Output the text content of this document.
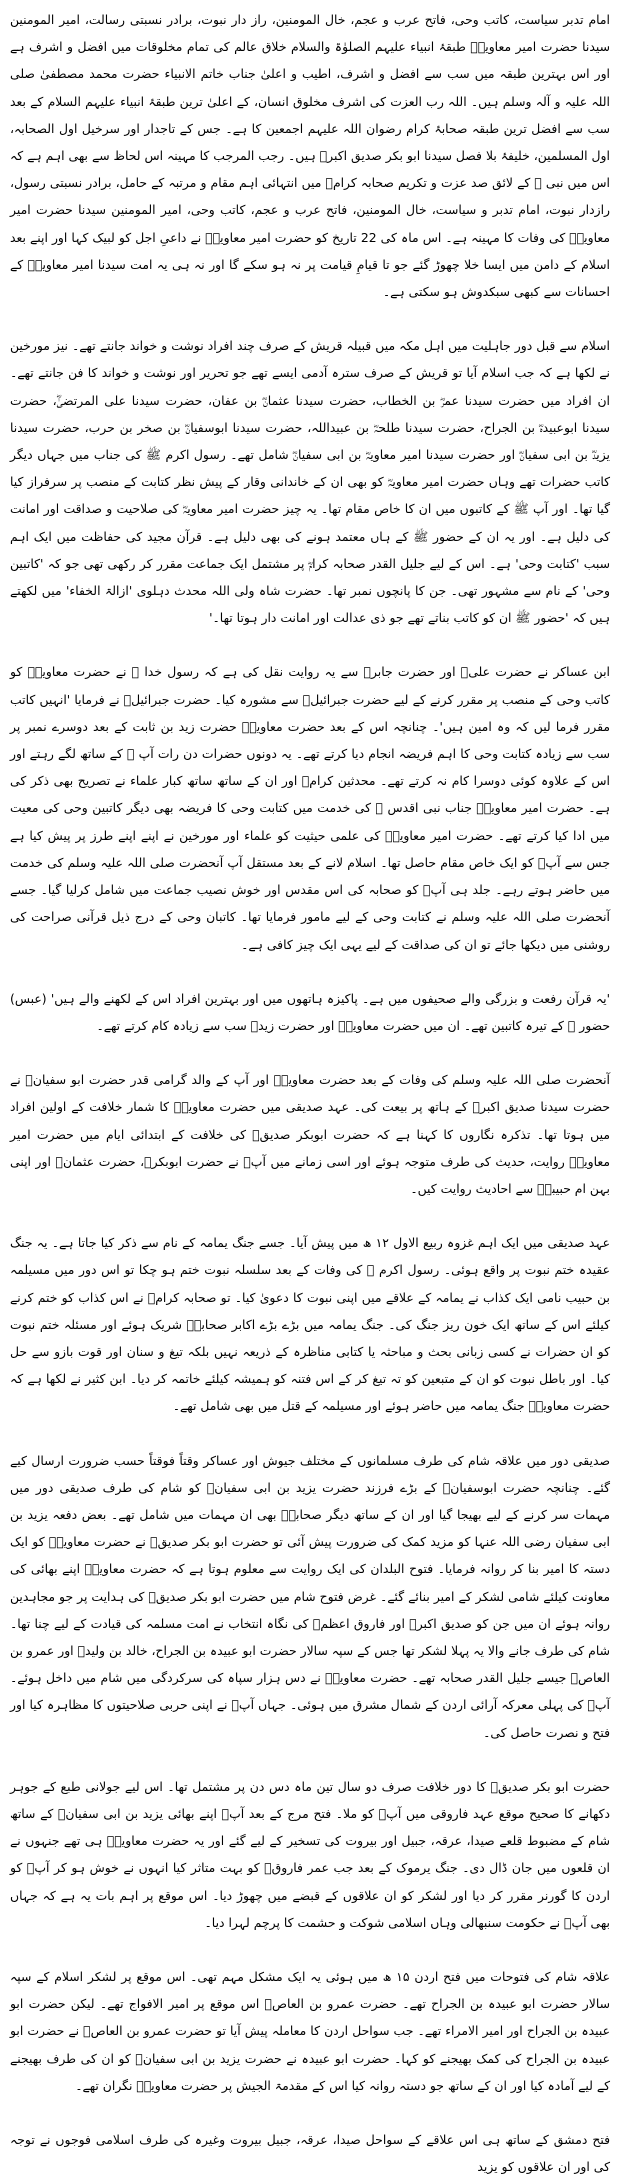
امام تدبر سیاست، کاتب وحی، فاتح عرب و عجم، خال المومنین، راز دار نبوت، برادر نسبتی رسالت، امیر المومنین سیدنا حضرت امیر معاویہؓ طبقۂ انبیاء علیہم الصلوٰۃ والسلام خلاق عالم کی تمام مخلوقات میں افضل و اشرف ہے اور اس بہترین طبقہ میں سب سے افضل و اشرف، اطیب و اعلیٰ جناب خاتم الانبیاء حضرت محمد مصطفیٰ صلی اللہ علیہ و آلہ وسلم ہیں۔ اللہ رب العزت کی اشرف مخلوق انسان، کے اعلیٰ ترین طبقۂ انبیاء علیہم السلام کے بعد سب سے افضل ترین طبقہ صحابۂ کرام رضوان اللہ علیہم اجمعین کا ہے۔ جس کے تاجدار اور سرخیل اول الصحابہ، اول المسلمین، خلیفۂ بلا فصل سیدنا ابو بکر صدیق اکبرؓ ہیں۔ رجب المرجب کا مہینہ اس لحاظ سے بھی اہم ہے کہ اس میں نبی ﷺ کے لائق صد عزت و تکریم صحابہ کرامؓ میں انتہائی اہم مقام و مرتبہ کے حامل، برادر نسبتی رسول، رازدار نبوت، امام تدبر و سیاست، خال المومنین، فاتح عرب و عجم، کاتب وحی، امیر المومنین سیدنا حضرت امیر معاویہؓ کی وفات کا مہینہ ہے۔ اس ماہ کی 22 تاریخ کو حضرت امیر معاویہؓ نے داعیِ اجل کو لبیک کہا اور اپنے بعد اسلام کے دامن میں ایسا خلا چھوڑ گئے جو تا قیامِ قیامت پر نہ ہو سکے گا اور نہ ہی یہ امت سیدنا امیر معاویہؓ کے احسانات سے کبھی سبکدوش ہو سکتی ہے۔

اسلام سے قبل دور جاہلیت میں اہل مکہ میں قبیلہ قریش کے صرف چند افراد نوشت و خواند جانتے تھے۔ نیز مورخین نے لکھا ہے کہ جب اسلام آیا تو قریش کے صرف سترہ آدمی ایسے تھے جو تحریر اور نوشت و خواند کا فن جانتے تھے۔ ان افراد میں حضرت سیدنا عمرؓ بن الخطاب، حضرت سیدنا عثمانؓ بن عفان، حضرت سیدنا علی المرتضیٰؓ، حضرت سیدنا ابوعبیدہؓ بن الجراح، حضرت سیدنا طلحہؓ بن عبیداللہ، حضرت سیدنا ابوسفیانؓ بن صخر بن حرب، حضرت سیدنا یزیدؓ بن ابی سفیانؓ اور حضرت سیدنا امیر معاویہؓ بن ابی سفیانؓ شامل تھے۔ رسول اکرم ﷺ کی جناب میں جہاں دیگر کاتب حضرات تھے وہاں حضرت امیر معاویہؓ کو بھی ان کے خاندانی وقار کے پیش نظر کتابت کے منصب پر سرفراز کیا گیا تھا۔ اور آپ ﷺ کے کاتبوں میں ان کا خاص مقام تھا۔ یہ چیز حضرت امیر معاویہؓ کی صلاحیت و صداقت اور امانت کی دلیل ہے۔ اور یہ ان کے حضور ﷺ کے ہاں معتمد ہونے کی بھی دلیل ہے۔ قرآن مجید کی حفاظت میں ایک اہم سبب 'کتابت وحی' ہے۔ اس کے لیے جلیل القدر صحابہ کرامؓ پر مشتمل ایک جماعت مقرر کر رکھی تھی جو کہ 'کاتبین وحی' کے نام سے مشہور تھی۔ جن کا پانچوں نمبر تھا۔ حضرت شاہ ولی اللہ محدث دہلوی 'ازالۃ الخفاء' میں لکھتے ہیں کہ 'حضور ﷺ ان کو کاتب بناتے تھے جو ذی عدالت اور امانت دار ہوتا تھا۔'

ابن عساکر نے حضرت علیؓ اور حضرت جابرؓ سے یہ روایت نقل کی ہے کہ رسول خدا ﷺ نے حضرت معاویہؓ کو کاتب وحی کے منصب پر مقرر کرنے کے لیے حضرت جبرائیلؑ سے مشورہ کیا۔ حضرت جبرائیلؑ نے فرمایا 'انہیں کاتب مقرر فرما لیں کہ وہ امین ہیں'۔ چنانچہ اس کے بعد حضرت معاویہؓ حضرت زید بن ثابت کے بعد دوسرے نمبر پر سب سے زیادہ کتابت وحی کا اہم فریضہ انجام دیا کرتے تھے۔ یہ دونوں حضرات دن رات آپ ﷺ کے ساتھ لگے رہتے اور اس کے علاوہ کوئی دوسرا کام نہ کرتے تھے۔ محدثین کرامؒ اور ان کے ساتھ ساتھ کبار علماء نے تصریح بھی ذکر کی ہے۔ حضرت امیر معاویہؓ جناب نبی اقدس ﷺ کی خدمت میں کتابت وحی کا فریضہ بھی دیگر کاتبین وحی کی معیت میں ادا کیا کرتے تھے۔ حضرت امیر معاویہؓ کی علمی حیثیت کو علماء اور مورخین نے اپنے اپنے طرز پر پیش کیا ہے جس سے آپؓ کو ایک خاص مقام حاصل تھا۔ اسلام لانے کے بعد مستقل آپ آنحضرت صلی اللہ علیہ وسلم کی خدمت میں حاضر ہوتے رہے۔ جلد ہی آپؓ کو صحابہ کی اس مقدس اور خوش نصیب جماعت میں شامل کرلیا گیا۔ جسے آنحضرت صلی اللہ علیہ وسلم نے کتابت وحی کے لیے مامور فرمایا تھا۔ کاتبان وحی کے درج ذیل قرآنی صراحت کی روشنی میں دیکھا جائے تو ان کی صداقت کے لیے یہی ایک چیز کافی ہے۔

'یہ قرآن رفعت و بزرگی والے صحیفوں میں ہے۔ پاکیزہ ہاتھوں میں اور بہترین افراد اس کے لکھنے والے ہیں' (عبس) حضور ﷺ کے تیرہ کاتبین تھے۔ ان میں حضرت معاویہؓ اور حضرت زیدؓ سب سے زیادہ کام کرتے تھے۔

آنحضرت صلی اللہ علیہ وسلم کی وفات کے بعد حضرت معاویہؓ اور آپ کے والد گرامی قدر حضرت ابو سفیانؓ نے حضرت سیدنا صدیق اکبرؓ کے ہاتھ پر بیعت کی۔ عہد صدیقی میں حضرت معاویہؓ کا شمار خلافت کے اولین افراد میں ہوتا تھا۔ تذکرہ نگاروں کا کہنا ہے کہ حضرت ابوبکر صدیقؓ کی خلافت کے ابتدائی ایام میں حضرت امیر معاویہؓ روایت، حدیث کی طرف متوجہ ہوئے اور اسی زمانے میں آپؓ نے حضرت ابوبکرؓ، حضرت عثمانؓ اور اپنی بہن ام حبیبہؓ سے احادیث روایت کیں۔

عہد صدیقی میں ایک اہم غزوہ ربیع الاول ۱۲ ھ میں پیش آیا۔ جسے جنگ یمامہ کے نام سے ذکر کیا جاتا ہے۔ یہ جنگ عقیدہ ختم نبوت پر واقع ہوئی۔ رسول اکرم ﷺ کی وفات کے بعد سلسلہ نبوت ختم ہو چکا تو اس دور میں مسیلمہ بن حبیب نامی ایک کذاب نے یمامہ کے علاقے میں اپنی نبوت کا دعویٰ کیا۔ تو صحابہ کرامؓ نے اس کذاب کو ختم کرنے کیلئے اس کے ساتھ ایک خون ریز جنگ کی۔ جنگ یمامہ میں بڑے بڑے اکابر صحابہؓ شریک ہوئے اور مسئلہ ختم نبوت کو ان حضرات نے کسی زبانی بحث و مباحثہ یا کتابی مناظرہ کے ذریعہ نہیں بلکہ تیغ و سنان اور قوت بازو سے حل کیا۔ اور باطل نبوت کو ان کے متبعین کو تہ تیغ کر کے اس فتنہ کو ہمیشہ کیلئے خاتمہ کر دیا۔ ابن کثیر نے لکھا ہے کہ حضرت معاویہؓ جنگ یمامہ میں حاضر ہوئے اور مسیلمہ کے قتل میں بھی شامل تھے۔

صدیقی دور میں علاقہ شام کی طرف مسلمانوں کے مختلف جیوش اور عساکر وقتاً فوقتاً حسب ضرورت ارسال کیے گئے۔ چنانچہ حضرت ابوسفیانؓ کے بڑے فرزند حضرت یزید بن ابی سفیانؓ کو شام کی طرف صدیقی دور میں مہمات سر کرنے کے لیے بھیجا گیا اور ان کے ساتھ دیگر صحابہؓ بھی ان مہمات میں شامل تھے۔ بعض دفعہ یزید بن ابی سفیان رضی اللہ عنہا کو مزید کمک کی ضرورت پیش آئی تو حضرت ابو بکر صدیقؓ نے حضرت معاویہؓ کو ایک دستہ کا امیر بنا کر روانہ فرمایا۔ فتوح البلدان کی ایک روایت سے معلوم ہوتا ہے کہ حضرت معاویہؓ اپنے بھائی کی معاونت کیلئے شامی لشکر کے امیر بنائے گئے۔ غرض فتوح شام میں حضرت ابو بکر صدیقؓ کی ہدایت پر جو مجاہدین روانہ ہوئے ان میں جن کو صدیق اکبرؓ اور فاروق اعظمؓ کی نگاہ انتخاب نے امت مسلمہ کی قیادت کے لیے چنا تھا۔ شام کی طرف جانے والا یہ پہلا لشکر تھا جس کے سپہ سالار حضرت ابو عبیدہ بن الجراح، خالد بن ولیدؓ اور عمرو بن العاصؓ جیسے جلیل القدر صحابہ تھے۔ حضرت معاویہؓ نے دس ہزار سپاہ کی سرکردگی میں شام میں داخل ہوئے۔ آپؓ کی پہلی معرکہ آرائی اردن کے شمال مشرق میں ہوئی۔ جہاں آپؓ نے اپنی حربی صلاحیتوں کا مظاہرہ کیا اور فتح و نصرت حاصل کی۔

حضرت ابو بکر صدیقؓ کا دور خلافت صرف دو سال تین ماہ دس دن پر مشتمل تھا۔ اس لیے جولانی طبع کے جوہر دکھانے کا صحیح موقع عہد فاروقی میں آپؓ کو ملا۔ فتح مرج کے بعد آپؓ اپنے بھائی یزید بن ابی سفیانؓ کے ساتھ شام کے مضبوط قلعے صیدا، عرقہ، جبیل اور بیروت کی تسخیر کے لیے گئے اور یہ حضرت معاویہؓ ہی تھے جنہوں نے ان قلعوں میں جان ڈال دی۔ جنگ یرموک کے بعد جب عمر فاروقؓ کو بہت متاثر کیا انہوں نے خوش ہو کر آپؓ کو اردن کا گورنر مقرر کر دیا اور لشکر کو ان علاقوں کے قبضے میں چھوڑ دیا۔ اس موقع پر اہم بات یہ ہے کہ جہاں بھی آپؓ نے حکومت سنبھالی وہاں اسلامی شوکت و حشمت کا پرچم لہرا دیا۔

علاقہ شام کی فتوحات میں فتح اردن ۱۵ ھ میں ہوئی یہ ایک مشکل مہم تھی۔ اس موقع پر لشکر اسلام کے سپہ سالار حضرت ابو عبیدہ بن الجراح تھے۔ حضرت عمرو بن العاصؓ اس موقع پر امیر الافواج تھے۔ لیکن حضرت ابو عبیدہ بن الجراح اور امیر الامراء تھے۔ جب سواحل اردن کا معاملہ پیش آیا تو حضرت عمرو بن العاصؓ نے حضرت ابو عبیدہ بن الجراح کی کمک بھیجنے کو کہا۔ حضرت ابو عبیدہ نے حضرت یزید بن ابی سفیانؓ کو ان کی طرف بھیجنے کے لیے آمادہ کیا اور ان کے ساتھ جو دستہ روانہ کیا اس کے مقدمۃ الجیش پر حضرت معاویہؓ نگران تھے۔

فتح دمشق کے ساتھ ہی اس علاقے کے سواحل صیدا، عرقہ، جبیل بیروت وغیرہ کی طرف اسلامی فوجوں نے توجہ کی اور ان علاقوں کو یزید
